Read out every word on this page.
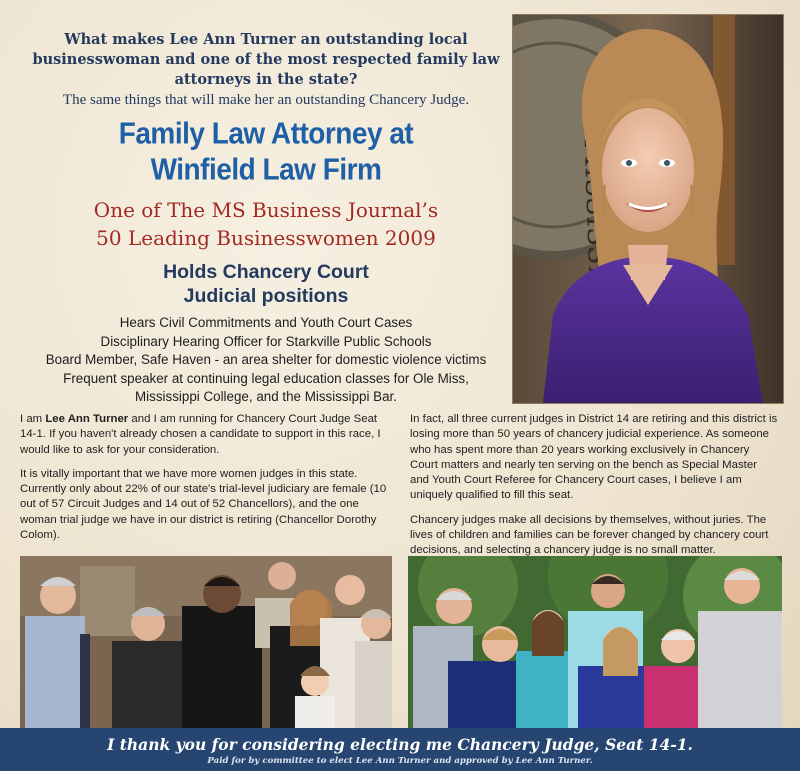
What makes Lee Ann Turner an outstanding local businesswoman and one of the most respected family law attorneys in the state?
The same things that will make her an outstanding Chancery Judge.
Family Law Attorney at
Winfield Law Firm
One of The MS Business Journal’s
50 Leading Businesswomen 2009
Holds Chancery Court
Judicial positions
Hears Civil Commitments and Youth Court Cases
Disciplinary Hearing Officer for Starkville Public Schools
Board Member, Safe Haven - an area shelter for domestic violence victims
Frequent speaker at continuing legal education classes for Ole Miss,
Mississippi College, and the Mississippi Bar.

I am Lee Ann Turner and I am running for Chancery Court Judge Seat 14-1. If you haven't already chosen a candidate to support in this race, I would like to ask for your consideration.

It is vitally important that we have more women judges in this state. Currently only about 22% of our state's trial-level judiciary are female (10 out of 57 Circuit Judges and 14 out of 52 Chancellors), and the one woman trial judge we have in our district is retiring (Chancellor Dorothy Colom).

In fact, all three current judges in District 14 are retiring and this district is losing more than 50 years of chancery judicial experience. As someone who has spent more than 20 years working exclusively in Chancery Court matters and nearly ten serving on the bench as Special Master and Youth Court Referee for Chancery Court cases, I believe I am uniquely qualified to fill this seat.

Chancery judges make all decisions by themselves, without juries. The lives of children and families can be forever changed by chancery court decisions, and selecting a chancery judge is no small matter.

I thank you for considering electing me Chancery Judge, Seat 14-1.
Paid for by committee to elect Lee Ann Turner and approved by Lee Ann Turner.
